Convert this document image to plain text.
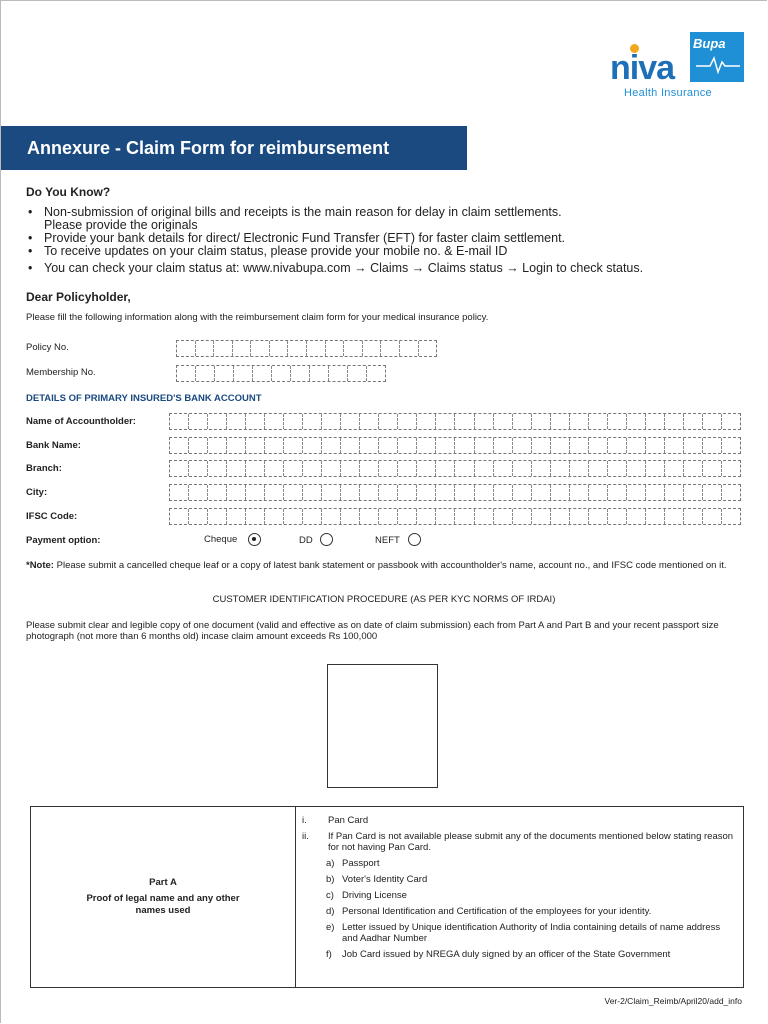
Bupa
niva
Health Insurance
Annexure - Claim Form for reimbursement
Do You Know?
• Non-submission of original bills and receipts is the main reason for delay in claim settlements.
Please provide the originals
• Provide your bank details for direct/ Electronic Fund Transfer (EFT) for faster claim settlement.
• To receive updates on your claim status, please provide your mobile no. & E-mail ID
• You can check your claim status at: www.nivabupa.com → Claims → Claims status → Login to check status.
Dear Policyholder,
Please fill the following information along with the reimbursement claim form for your medical insurance policy.
Policy No.
Membership No.
DETAILS OF PRIMARY INSURED'S BANK ACCOUNT
Name of Accountholder:
Bank Name:
Branch:
City:
IFSC Code:
Payment option:	Cheque	DD	NEFT
*Note: Please submit a cancelled cheque leaf or a copy of latest bank statement or passbook with accountholder's name, account no., and IFSC code mentioned on it.
CUSTOMER IDENTIFICATION PROCEDURE (AS PER KYC NORMS OF IRDAI)
Please submit clear and legible copy of one document (valid and effective as on date of claim submission) each from Part A and Part B and your recent passport size photograph (not more than 6 months old) incase claim amount exceeds Rs 100,000
Part A
Proof of legal name and any other names used

i. Pan Card
ii. If Pan Card is not available please submit any of the documents mentioned below stating reason for not having Pan Card.
a) Passport
b) Voter's Identity Card
c) Driving License
d) Personal Identification and Certification of the employees for your identity.
e) Letter issued by Unique identification Authority of India containing details of name address and Aadhar Number
f) Job Card issued by NREGA duly signed by an officer of the State Government
Ver-2/Claim_Reimb/April20/add_info
